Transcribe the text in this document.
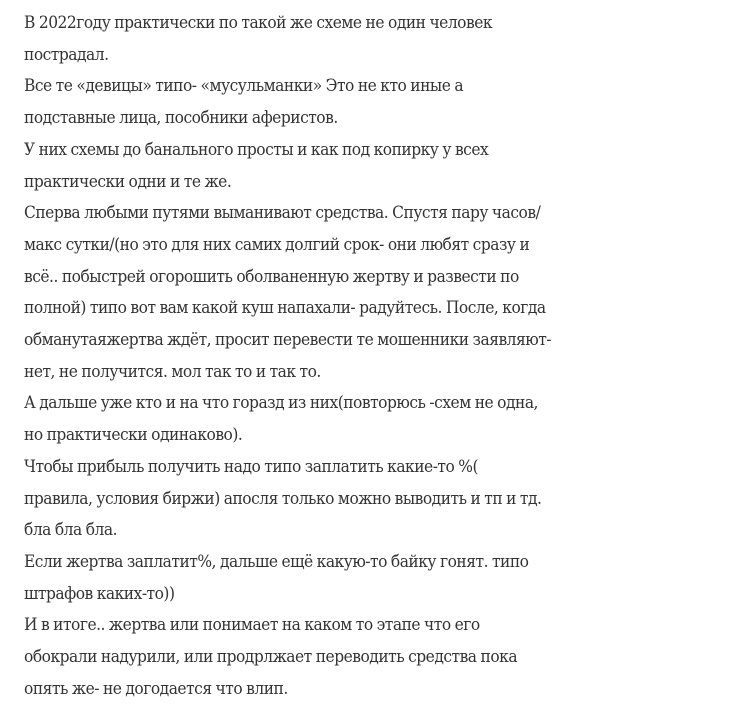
В 2022году практически по такой же схеме не один человек
пострадал.
Все те «девицы» типо- «мусульманки» Это не кто иные а
подставные лица, пособники аферистов.
У них схемы до банального просты и как под копирку у всех
практически одни и те же.
Сперва любыми путями выманивают средства. Спустя пару часов/
макс сутки/(но это для них самих долгий срок- они любят сразу и
всё.. побыстрей огорошить оболваненную жертву и развести по
полной) типо вот вам какой куш напахали- радуйтесь. После, когда
обманутаяжертва ждёт, просит перевести те мошенники заявляют-
нет, не получится. мол так то и так то.
А дальше уже кто и на что горазд из них(повторюсь -схем не одна,
но практически одинаково).
Чтобы прибыль получить надо типо заплатить какие-то %(
правила, условия биржи) апосля только можно выводить и тп и тд.
бла бла бла.
Если жертва заплатит%, дальше ещё какую-то байку гонят. типо
штрафов каких-то))
И в итоге.. жертва или понимает на каком то этапе что его
обокрали надурили, или продрлжает переводить средства пока
опять же- не догодается что влип.
